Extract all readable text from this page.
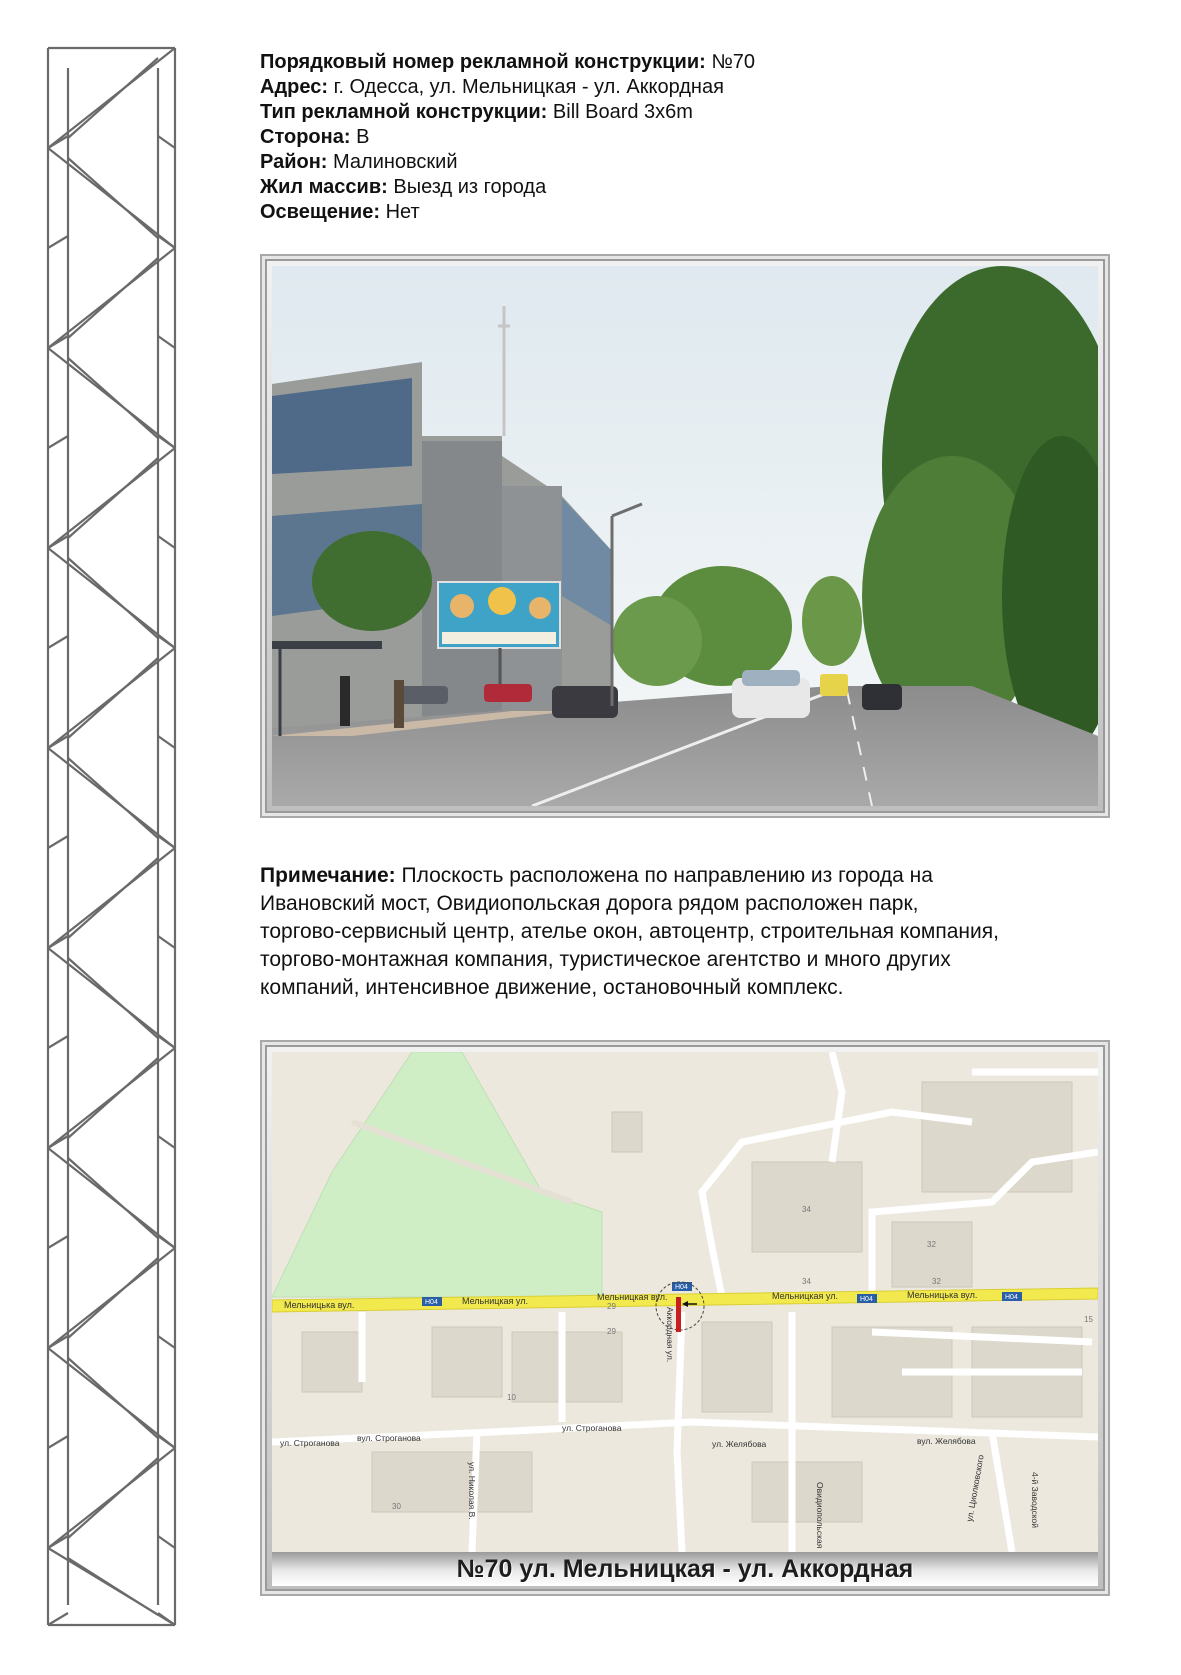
Порядковый номер рекламной конструкции: №70
Адрес: г. Одесса, ул. Мельницкая - ул. Аккордная
Тип рекламной конструкции: Bill Board 3x6m
Сторона: В
Район: Малиновский
Жил массив: Выезд из города
Освещение: Нет
Примечание: Плоскость расположена по направлению из города на
Ивановский мост, Овидиопольская дорога рядом расположен парк,
торгово-сервисный центр, ателье окон, автоцентр, строительная компания,
торгово-монтажная компания, туристическое агентство и много других
компаний, интенсивное движение, остановочный комплекс.
Мельницька вул.	Мельницкая ул.	Мельницкая вул.	Мельницкая ул.	Мельницька вул.
H04
H04
H04	H04
ул. Строганова вул. Строганова
ул. Строганова
ул. Желябова	вул. Желябова
Аккордная ул.
ул. Николая В.	Овидиопольская	ул. Циолковского	4-й Заводской
34
32
34	32
29
29
10
30
15
№70 ул. Мельницкая - ул. Аккордная
